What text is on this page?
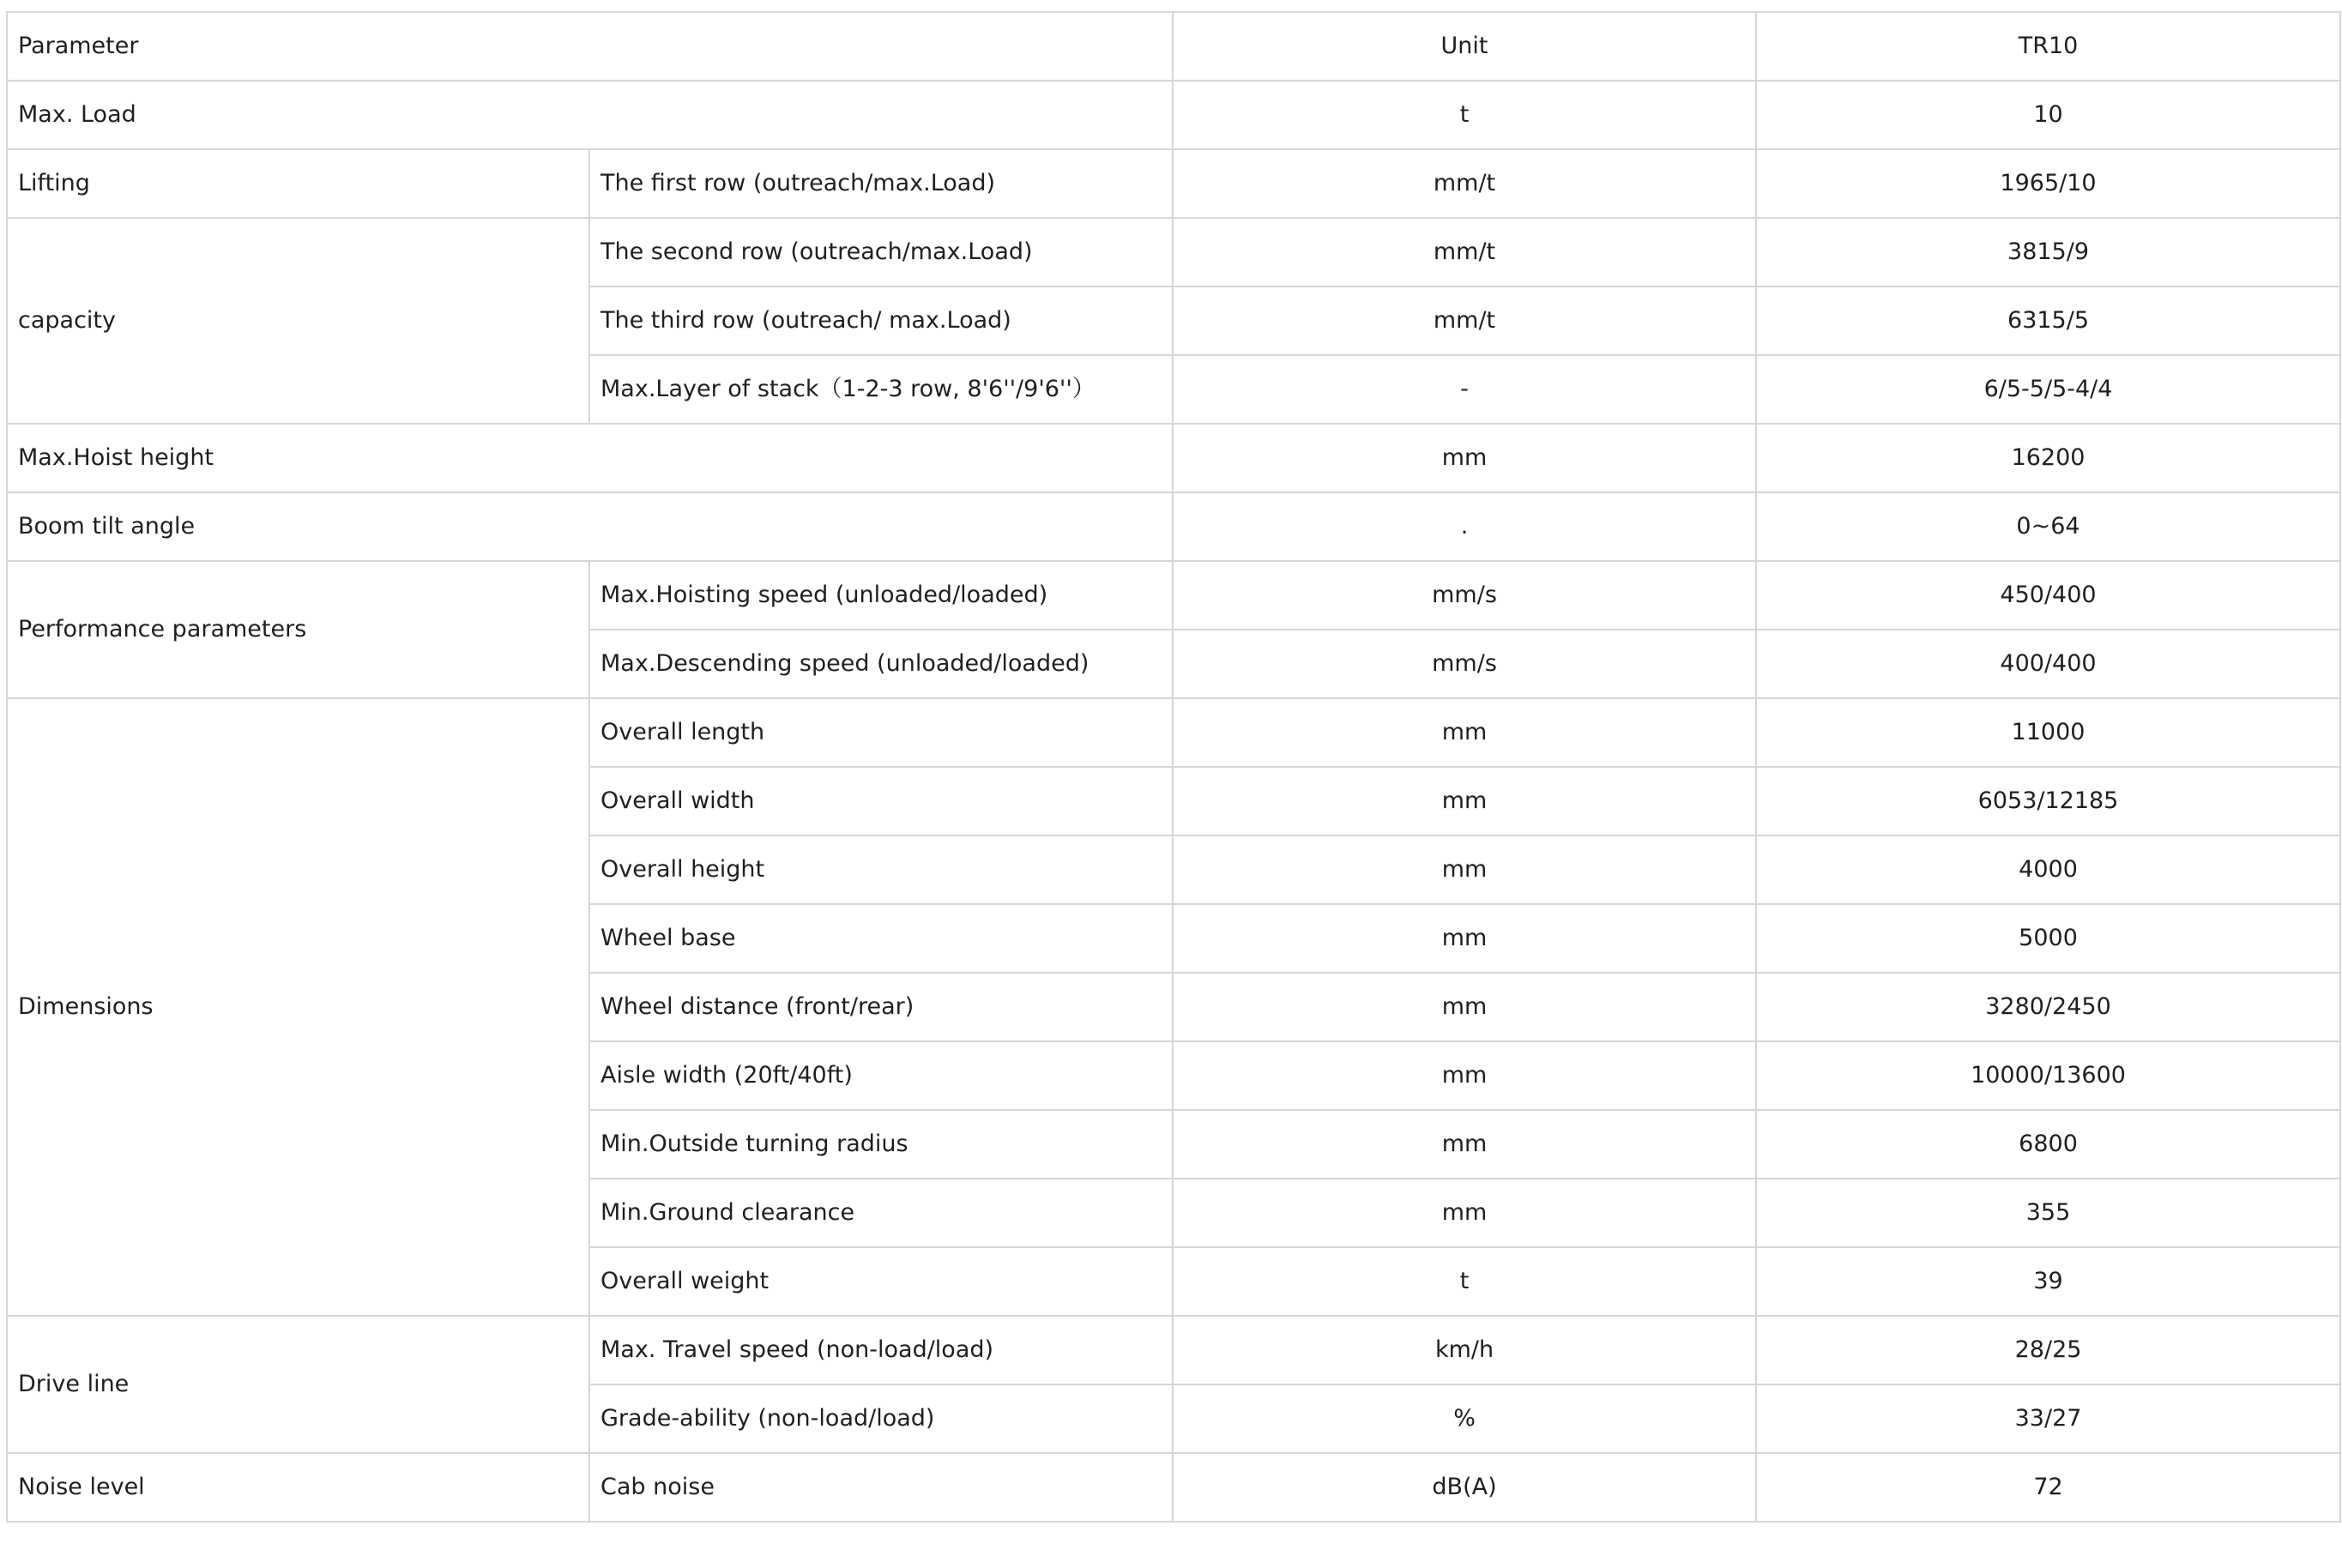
Parameter		Unit	TR10
Max. Load		t	10
Lifting	The first row (outreach/max.Load)	mm/t	1965/10
capacity	The second row (outreach/max.Load)	mm/t	3815/9
	The third row (outreach/ max.Load)	mm/t	6315/5
	Max.Layer of stack（1-2-3 row, 8'6''/9'6''）	-	6/5-5/5-4/4
Max.Hoist height		mm	16200
Boom tilt angle		.	0~64
Performance parameters	Max.Hoisting speed (unloaded/loaded)	mm/s	450/400
	Max.Descending speed (unloaded/loaded)	mm/s	400/400
Dimensions	Overall length	mm	11000
	Overall width	mm	6053/12185
	Overall height	mm	4000
	Wheel base	mm	5000
	Wheel distance (front/rear)	mm	3280/2450
	Aisle width (20ft/40ft)	mm	10000/13600
	Min.Outside turning radius	mm	6800
	Min.Ground clearance	mm	355
	Overall weight	t	39
Drive line	Max. Travel speed (non-load/load)	km/h	28/25
	Grade-ability (non-load/load)	%	33/27
Noise level	Cab noise	dB(A)	72
